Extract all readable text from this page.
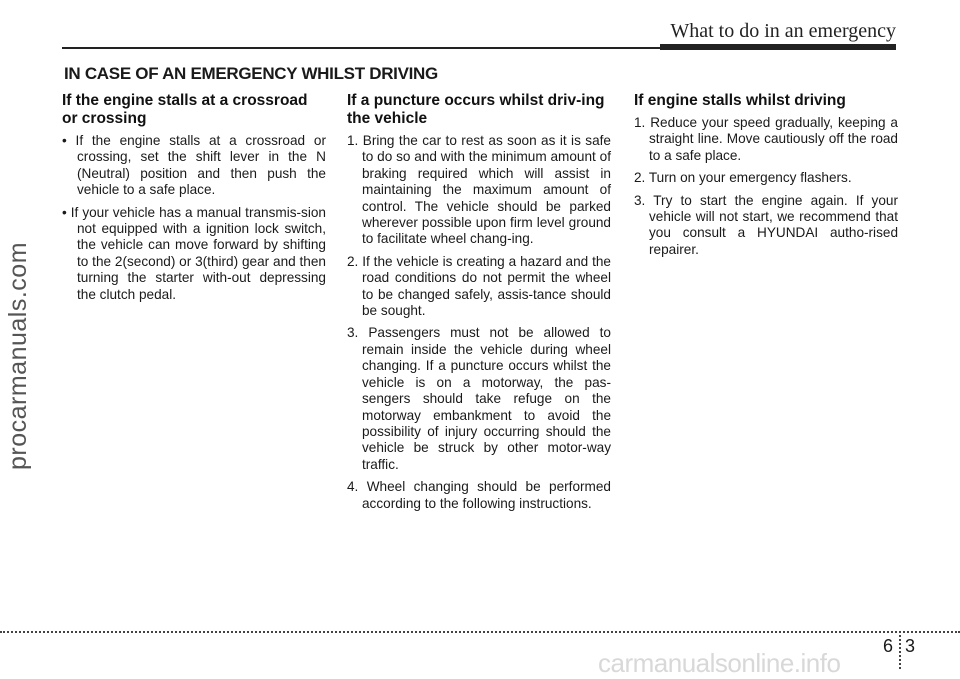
What to do in an emergency
IN CASE OF AN EMERGENCY WHILST DRIVING
If the engine stalls at a crossroad or crossing
• If the engine stalls at a crossroad or crossing, set the shift lever in the N (Neutral) position and then push the vehicle to a safe place.
• If your vehicle has a manual transmis-sion not equipped with a ignition lock switch, the vehicle can move forward by shifting to the 2(second) or 3(third) gear and then turning the starter with-out depressing the clutch pedal.
If a puncture occurs whilst driv-ing the vehicle
1. Bring the car to rest as soon as it is safe to do so and with the minimum amount of braking required which will assist in maintaining the maximum amount of control. The vehicle should be parked wherever possible upon firm level ground to facilitate wheel chang-ing.
2. If the vehicle is creating a hazard and the road conditions do not permit the wheel to be changed safely, assis-tance should be sought.
3. Passengers must not be allowed to remain inside the vehicle during wheel changing. If a puncture occurs whilst the vehicle is on a motorway, the pas-sengers should take refuge on the motorway embankment to avoid the possibility of injury occurring should the vehicle be struck by other motor-way traffic.
4. Wheel changing should be performed according to the following instructions.
If engine stalls whilst driving
1. Reduce your speed gradually, keeping a straight line. Move cautiously off the road to a safe place.
2. Turn on your emergency flashers.
3. Try to start the engine again. If your vehicle will not start, we recommend that you consult a HYUNDAI autho-rised repairer.
procarmanuals.com
6 3
carmanualsonline.info
